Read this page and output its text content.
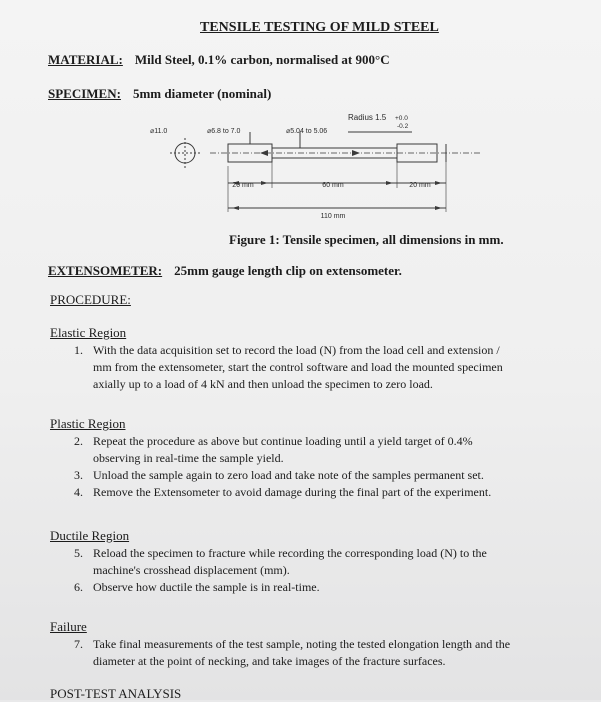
TENSILE TESTING OF MILD STEEL
MATERIAL: Mild Steel, 0.1% carbon, normalised at 900°C
SPECIMEN: 5mm diameter (nominal)
Radius 1.5 +0.0
-0.2
⌀11.0	⌀6.8 to 7.0	⌀5.04 to 5.06
20 mm	60 mm	20 mm
110 mm
Figure 1: Tensile specimen, all dimensions in mm.
EXTENSOMETER: 25mm gauge length clip on extensometer.
PROCEDURE:
Elastic Region
1. With the data acquisition set to record the load (N) from the load cell and extension /
mm from the extensometer, start the control software and load the mounted specimen
axially up to a load of 4 kN and then unload the specimen to zero load.
Plastic Region
2. Repeat the procedure as above but continue loading until a yield target of 0.4%
observing in real-time the sample yield.
3. Unload the sample again to zero load and take note of the samples permanent set.
4. Remove the Extensometer to avoid damage during the final part of the experiment.
Ductile Region
5. Reload the specimen to fracture while recording the corresponding load (N) to the
machine's crosshead displacement (mm).
6. Observe how ductile the sample is in real-time.
Failure
7. Take final measurements of the test sample, noting the tested elongation length and the
diameter at the point of necking, and take images of the fracture surfaces.
POST-TEST ANALYSIS
